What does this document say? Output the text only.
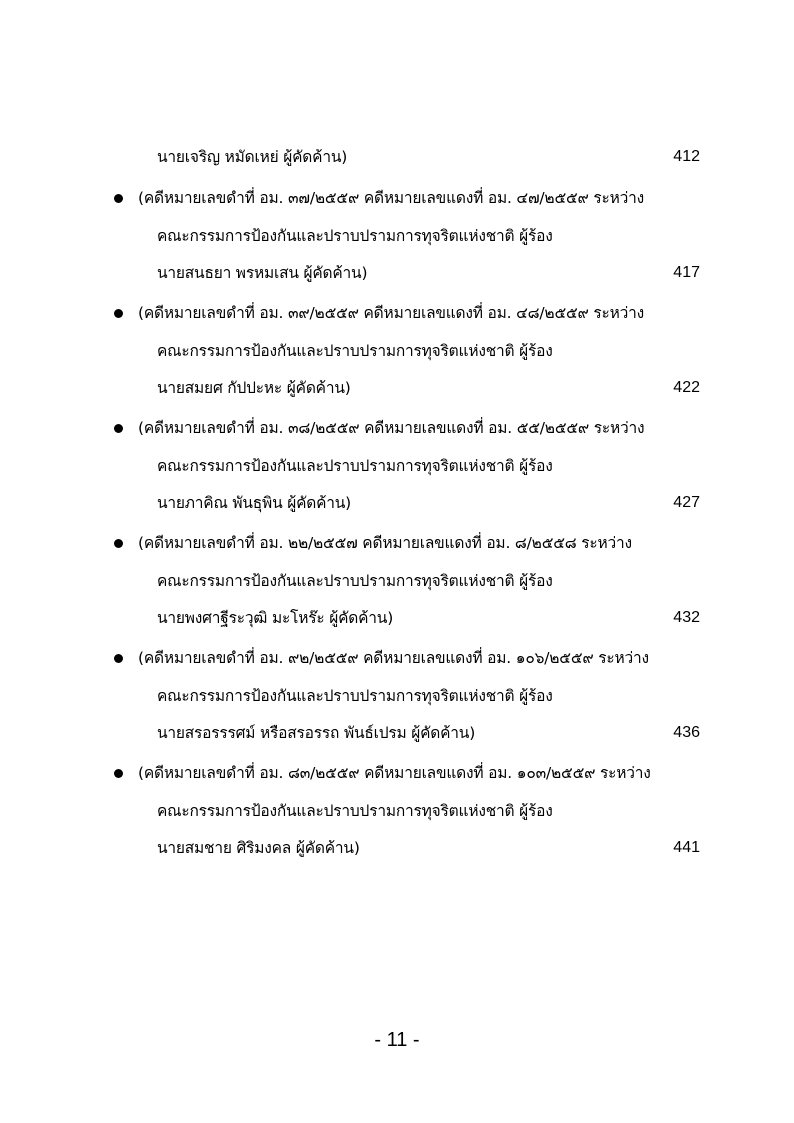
นายเจริญ หมัดเหย่ ผู้คัดค้าน)	412
(คดีหมายเลขดำที่ อม. ๓๗/๒๕๕๙ คดีหมายเลขแดงที่ อม. ๔๗/๒๕๕๙ ระหว่าง
คณะกรรมการป้องกันและปราบปรามการทุจริตแห่งชาติ ผู้ร้อง
นายสนธยา พรหมเสน ผู้คัดค้าน)	417
(คดีหมายเลขดำที่ อม. ๓๙/๒๕๕๙ คดีหมายเลขแดงที่ อม. ๔๘/๒๕๕๙ ระหว่าง
คณะกรรมการป้องกันและปราบปรามการทุจริตแห่งชาติ ผู้ร้อง
นายสมยศ กัปปะหะ ผู้คัดค้าน)	422
(คดีหมายเลขดำที่ อม. ๓๘/๒๕๕๙ คดีหมายเลขแดงที่ อม. ๕๕/๒๕๕๙ ระหว่าง
คณะกรรมการป้องกันและปราบปรามการทุจริตแห่งชาติ ผู้ร้อง
นายภาคิณ พันธุพิน ผู้คัดค้าน)	427
(คดีหมายเลขดำที่ อม. ๒๒/๒๕๕๗ คดีหมายเลขแดงที่ อม. ๘/๒๕๕๘ ระหว่าง
คณะกรรมการป้องกันและปราบปรามการทุจริตแห่งชาติ ผู้ร้อง
นายพงศาฐีระวุฒิ มะโหร๊ะ ผู้คัดค้าน)	432
(คดีหมายเลขดำที่ อม. ๙๒/๒๕๕๙ คดีหมายเลขแดงที่ อม. ๑๐๖/๒๕๕๙ ระหว่าง
คณะกรรมการป้องกันและปราบปรามการทุจริตแห่งชาติ ผู้ร้อง
นายสรอรรรศม์ หรือสรอรรถ พันธ์เปรม ผู้คัดค้าน)	436
(คดีหมายเลขดำที่ อม. ๘๓/๒๕๕๙ คดีหมายเลขแดงที่ อม. ๑๐๓/๒๕๕๙ ระหว่าง
คณะกรรมการป้องกันและปราบปรามการทุจริตแห่งชาติ ผู้ร้อง
นายสมชาย ศิริมงคล ผู้คัดค้าน)	441
- 11 -
